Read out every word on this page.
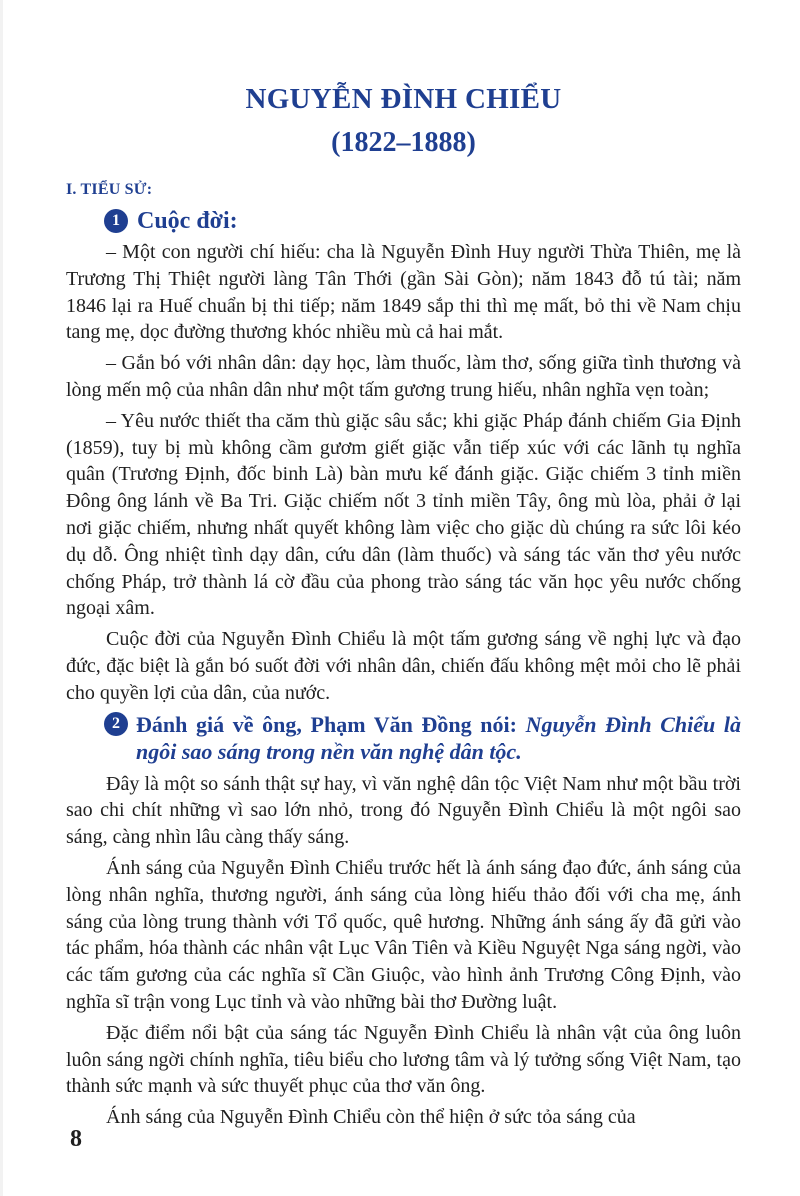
NGUYỄN ĐÌNH CHIỂU
(1822–1888)
I. TIỂU SỬ:
1 Cuộc đời:

– Một con người chí hiếu: cha là Nguyễn Đình Huy người Thừa Thiên, mẹ là Trương Thị Thiệt người làng Tân Thới (gần Sài Gòn); năm 1843 đỗ tú tài; năm 1846 lại ra Huế chuẩn bị thi tiếp; năm 1849 sắp thi thì mẹ mất, bỏ thi về Nam chịu tang mẹ, dọc đường thương khóc nhiều mù cả hai mắt.

– Gắn bó với nhân dân: dạy học, làm thuốc, làm thơ, sống giữa tình thương và lòng mến mộ của nhân dân như một tấm gương trung hiếu, nhân nghĩa vẹn toàn;

– Yêu nước thiết tha căm thù giặc sâu sắc; khi giặc Pháp đánh chiếm Gia Định (1859), tuy bị mù không cầm gươm giết giặc vẫn tiếp xúc với các lãnh tụ nghĩa quân (Trương Định, đốc binh Là) bàn mưu kế đánh giặc. Giặc chiếm 3 tỉnh miền Đông ông lánh về Ba Tri. Giặc chiếm nốt 3 tỉnh miền Tây, ông mù lòa, phải ở lại nơi giặc chiếm, nhưng nhất quyết không làm việc cho giặc dù chúng ra sức lôi kéo dụ dỗ. Ông nhiệt tình dạy dân, cứu dân (làm thuốc) và sáng tác văn thơ yêu nước chống Pháp, trở thành lá cờ đầu của phong trào sáng tác văn học yêu nước chống ngoại xâm.

Cuộc đời của Nguyễn Đình Chiểu là một tấm gương sáng về nghị lực và đạo đức, đặc biệt là gắn bó suốt đời với nhân dân, chiến đấu không mệt mỏi cho lẽ phải cho quyền lợi của dân, của nước.

2 Đánh giá về ông, Phạm Văn Đồng nói: Nguyễn Đình Chiểu là ngôi sao sáng trong nền văn nghệ dân tộc.

Đây là một so sánh thật sự hay, vì văn nghệ dân tộc Việt Nam như một bầu trời sao chi chít những vì sao lớn nhỏ, trong đó Nguyễn Đình Chiểu là một ngôi sao sáng, càng nhìn lâu càng thấy sáng.

Ánh sáng của Nguyễn Đình Chiểu trước hết là ánh sáng đạo đức, ánh sáng của lòng nhân nghĩa, thương người, ánh sáng của lòng hiếu thảo đối với cha mẹ, ánh sáng của lòng trung thành với Tổ quốc, quê hương. Những ánh sáng ấy đã gửi vào tác phẩm, hóa thành các nhân vật Lục Vân Tiên và Kiều Nguyệt Nga sáng ngời, vào các tấm gương của các nghĩa sĩ Cần Giuộc, vào hình ảnh Trương Công Định, vào nghĩa sĩ trận vong Lục tỉnh và vào những bài thơ Đường luật.

Đặc điểm nổi bật của sáng tác Nguyễn Đình Chiểu là nhân vật của ông luôn luôn sáng ngời chính nghĩa, tiêu biểu cho lương tâm và lý tưởng sống Việt Nam, tạo thành sức mạnh và sức thuyết phục của thơ văn ông.

Ánh sáng của Nguyễn Đình Chiểu còn thể hiện ở sức tỏa sáng của

8
